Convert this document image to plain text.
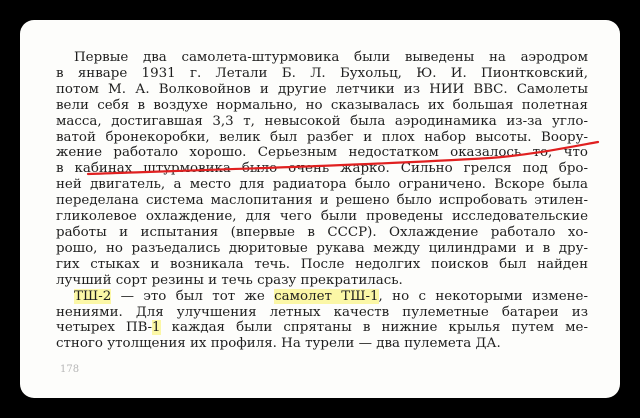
Первые два самолета-штурмовика были выведены на аэродром
в январе 1931 г. Летали Б. Л. Бухольц, Ю. И. Пионтковский,
потом М. А. Волковойнов и другие летчики из НИИ ВВС. Самолеты
вели себя в воздухе нормально, но сказывалась их большая полетная
масса, достигавшая 3,3 т, невысокой была аэродинамика из-за угло-
ватой бронекоробки, велик был разбег и плох набор высоты. Воору-
жение работало хорошо. Серьезным недостатком оказалось то, что
в кабинах штурмовика было очень жарко. Сильно грелся под бро-
ней двигатель, а место для радиатора было ограничено. Вскоре была
переделана система маслопитания и решено было испробовать этилен-
гликолевое охлаждение, для чего были проведены исследовательские
работы и испытания (впервые в СССР). Охлаждение работало хо-
рошо, но разъедались дюритовые рукава между цилиндрами и в дру-
гих стыках и возникала течь. После недолгих поисков был найден
лучший сорт резины и течь сразу прекратилась.
ТШ-2 — это был тот же самолет ТШ-1, но с некоторыми измене-
нениями. Для улучшения летных качеств пулеметные батареи из
четырех ПВ-1 каждая были спрятаны в нижние крылья путем ме-
стного утолщения их профиля. На турели — два пулемета ДА.
178
